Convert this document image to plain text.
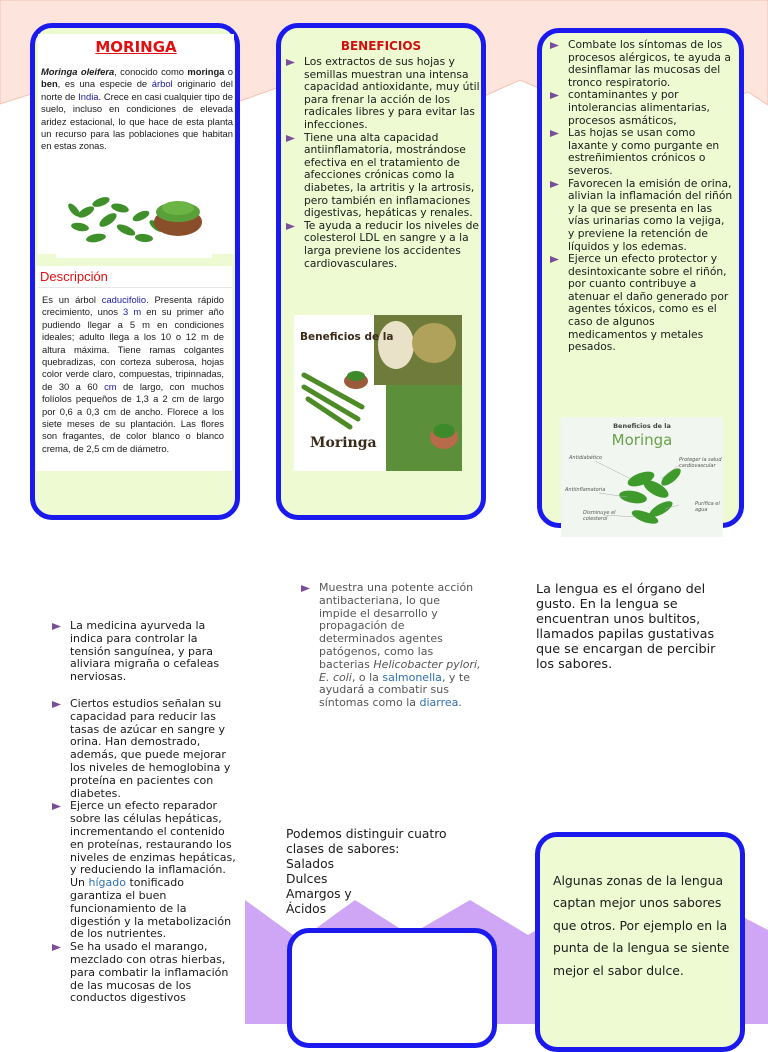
MORINGA
Moringa oleifera, conocido como moringa o ben, es una especie de árbol originario del norte de India. Crece en casi cualquier tipo de suelo, incluso en condiciones de elevada aridez estacional, lo que hace de esta planta un recurso para las poblaciones que habitan en estas zonas.
Descripción
Es un árbol caducifolio. Presenta rápido crecimiento, unos 3 m en su primer año pudiendo llegar a 5 m en condiciones ideales; adulto llega a los 10 o 12 m de altura máxima. Tiene ramas colgantes quebradizas, con corteza suberosa, hojas color verde claro, compuestas, tripinnadas, de 30 a 60 cm de largo, con muchos folíolos pequeños de 1,3 a 2 cm de largo por 0,6 a 0,3 cm de ancho. Florece a los siete meses de su plantación. Las flores son fragantes, de color blanco o blanco crema, de 2,5 cm de diámetro.
BENEFICIOS
Los extractos de sus hojas y semillas muestran una intensa capacidad antioxidante, muy útil para frenar la acción de los radicales libres y para evitar las infecciones.
Tiene una alta capacidad antiinflamatoria, mostrándose efectiva en el tratamiento de afecciones crónicas como la diabetes, la artritis y la artrosis, pero también en inflamaciones digestivas, hepáticas y renales.
Te ayuda a reducir los niveles de colesterol LDL en sangre y a la larga previene los accidentes cardiovasculares.
Beneficios de la
Moringa
Combate los síntomas de los procesos alérgicos, te ayuda a desinflamar las mucosas del tronco respiratorio.
contaminantes y por intolerancias alimentarias, procesos asmáticos,
Las hojas se usan como laxante y como purgante en estreñimientos crónicos o severos.
Favorecen la emisión de orina, alivian la inflamación del riñón y la que se presenta en las vías urinarias como la vejiga, y previene la retención de líquidos y los edemas.
Ejerce un efecto protector y desintoxicante sobre el riñón, por cuanto contribuye a atenuar el daño generado por agentes tóxicos, como es el caso de algunos medicamentos y metales pesados.
Beneficios de la
Moringa
Antidiabético	Proteger la salud cardiovascular
Antiinflamatoria
Purifica el agua
Disminuye el colesterol
La medicina ayurveda la indica para controlar la tensión sanguínea, y para aliviara migraña o cefaleas nerviosas.
Ciertos estudios señalan su capacidad para reducir las tasas de azúcar en sangre y orina. Han demostrado, además, que puede mejorar los niveles de hemoglobina y proteína en pacientes con diabetes.
Ejerce un efecto reparador sobre las células hepáticas, incrementando el contenido en proteínas, restaurando los niveles de enzimas hepáticas, y reduciendo la inflamación.
Un hígado tonificado garantiza el buen funcionamiento de la digestión y la metabolización de los nutrientes.
Se ha usado el marango, mezclado con otras hierbas, para combatir la inflamación de las mucosas de los conductos digestivos
Muestra una potente acción antibacteriana, lo que impide el desarrollo y propagación de determinados agentes patógenos, como las bacterias Helicobacter pylori, E. coli, o la salmonella, y te ayudará a combatir sus síntomas como la diarrea.
Podemos distinguir cuatro clases de sabores:
Salados
Dulces
Amargos y
Ácidos
La lengua es el órgano del gusto. En la lengua se encuentran unos bultitos, llamados papilas gustativas que se encargan de percibir los sabores.
Algunas zonas de la lengua captan mejor unos sabores que otros. Por ejemplo en la punta de la lengua se siente mejor el sabor dulce.
